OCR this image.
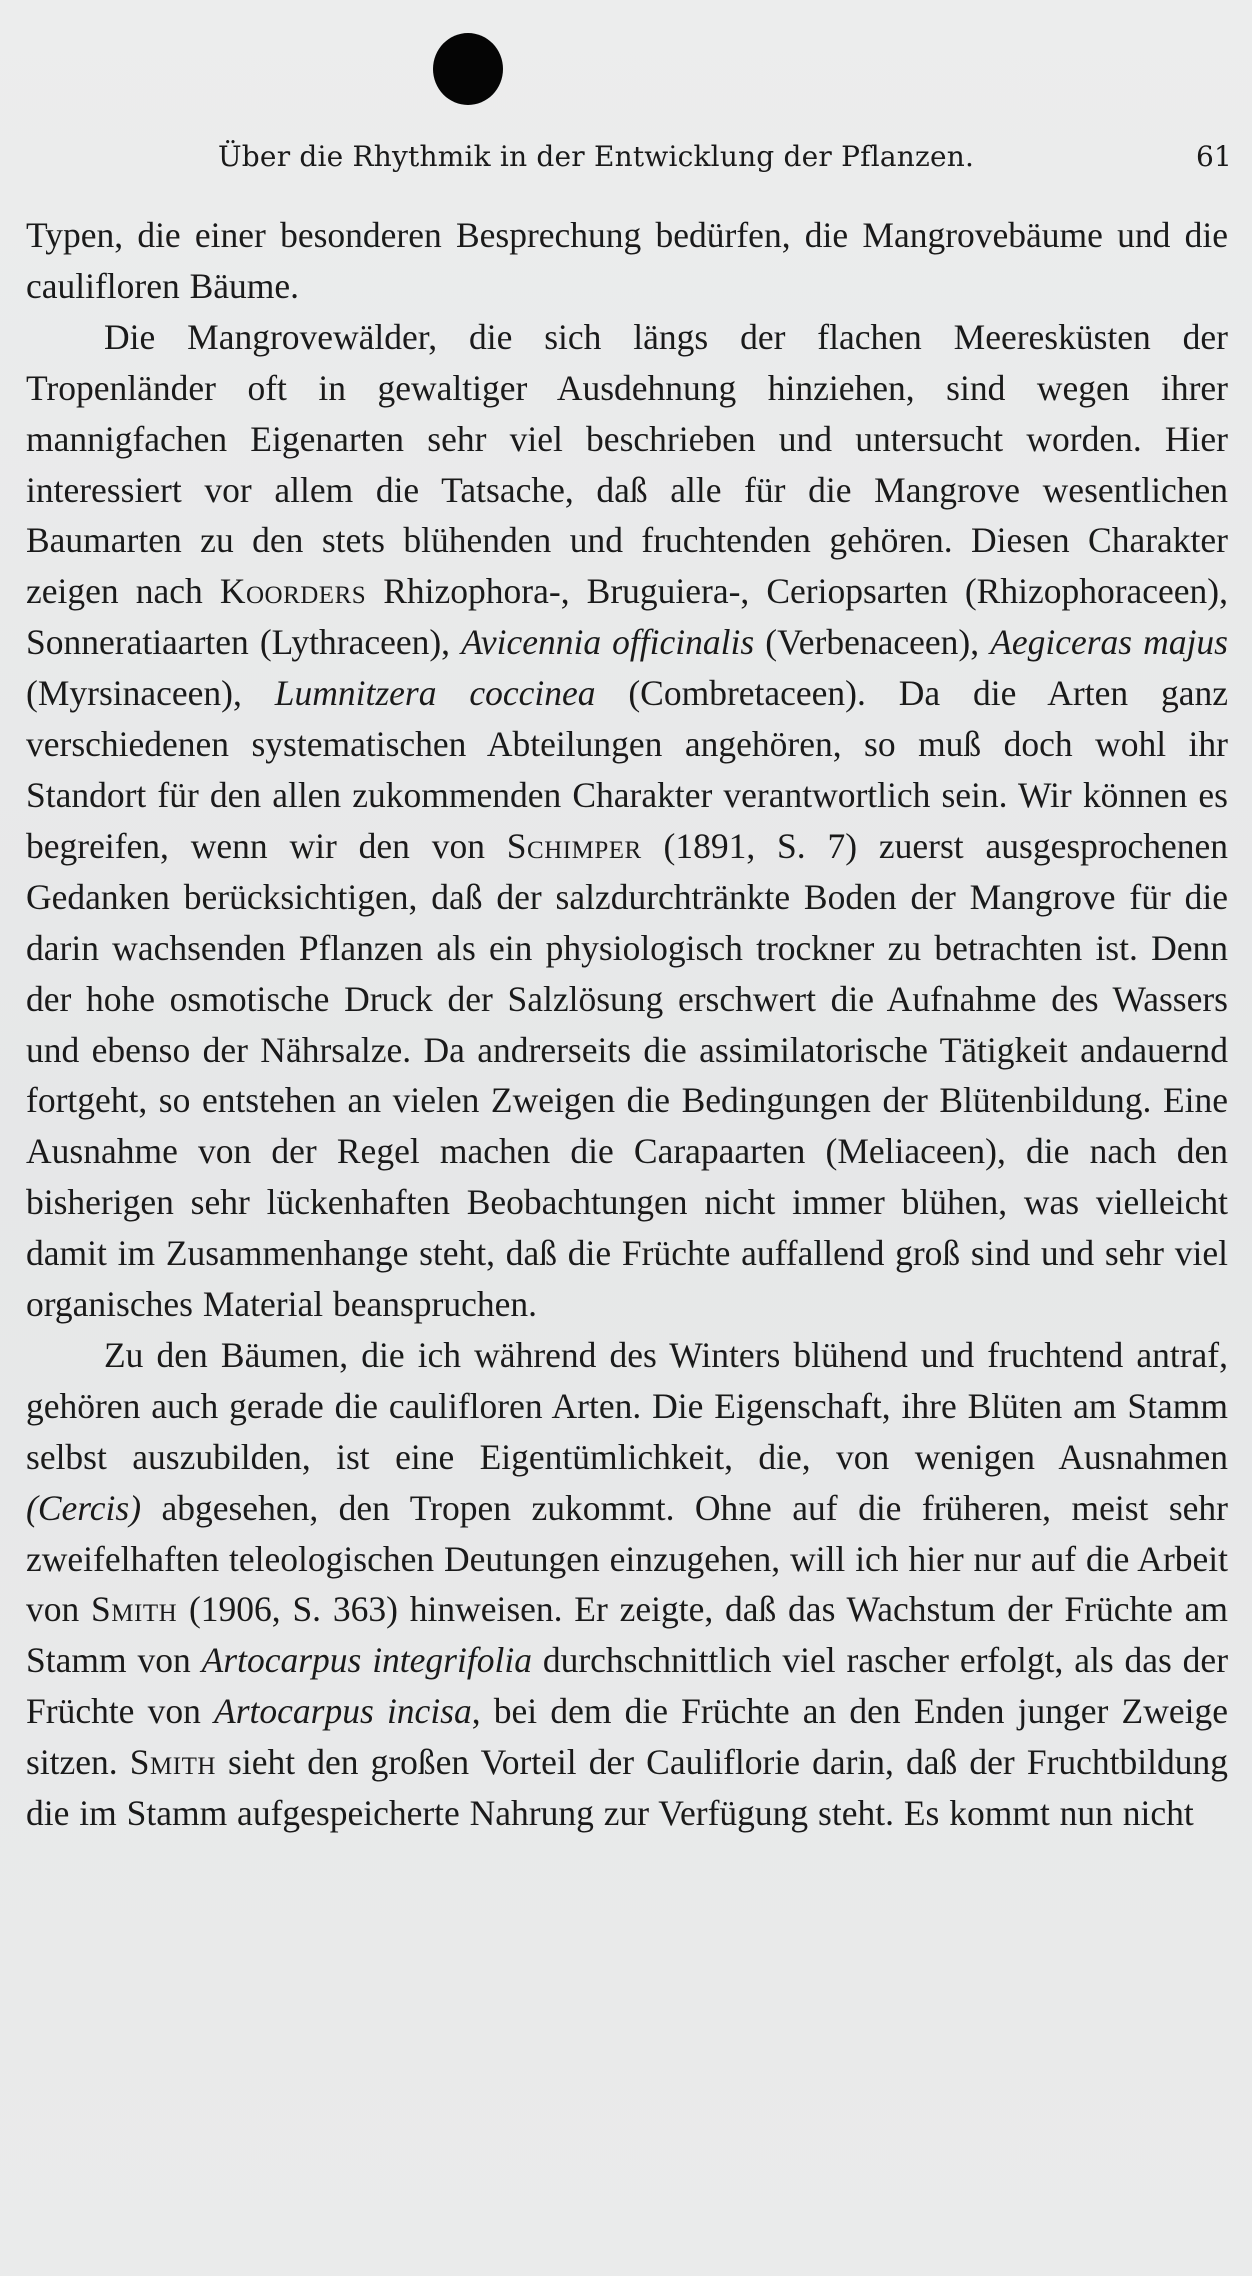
Über die Rhythmik in der Entwicklung der Pflanzen.	61

Typen, die einer besonderen Besprechung bedürfen, die Mangrovebäume und die caulifloren Bäume.

Die Mangrovewälder, die sich längs der flachen Meeresküsten der Tropenländer oft in gewaltiger Ausdehnung hinziehen, sind wegen ihrer mannigfachen Eigenarten sehr viel beschrieben und untersucht worden. Hier interessiert vor allem die Tatsache, daß alle für die Mangrove wesentlichen Baumarten zu den stets blühenden und fruchtenden gehören. Diesen Charakter zeigen nach Koorders Rhizophora-, Bruguiera-, Ceriopsarten (Rhizophoraceen), Sonneratiaarten (Lythraceen), Avicennia officinalis (Verbenaceen), Aegiceras majus (Myrsinaceen), Lumnitzera coccinea (Combretaceen). Da die Arten ganz verschiedenen systematischen Abteilungen angehören, so muß doch wohl ihr Standort für den allen zukommenden Charakter verantwortlich sein. Wir können es begreifen, wenn wir den von Schimper (1891, S. 7) zuerst ausgesprochenen Gedanken berücksichtigen, daß der salzdurchtränkte Boden der Mangrove für die darin wachsenden Pflanzen als ein physiologisch trockner zu betrachten ist. Denn der hohe osmotische Druck der Salzlösung erschwert die Aufnahme des Wassers und ebenso der Nährsalze. Da andrerseits die assimilatorische Tätigkeit andauernd fortgeht, so entstehen an vielen Zweigen die Bedingungen der Blütenbildung. Eine Ausnahme von der Regel machen die Carapaarten (Meliaceen), die nach den bisherigen sehr lückenhaften Beobachtungen nicht immer blühen, was vielleicht damit im Zusammenhange steht, daß die Früchte auffallend groß sind und sehr viel organisches Material beanspruchen.

Zu den Bäumen, die ich während des Winters blühend und fruchtend antraf, gehören auch gerade die caulifloren Arten. Die Eigenschaft, ihre Blüten am Stamm selbst auszubilden, ist eine Eigentümlichkeit, die, von wenigen Ausnahmen (Cercis) abgesehen, den Tropen zukommt. Ohne auf die früheren, meist sehr zweifelhaften teleologischen Deutungen einzugehen, will ich hier nur auf die Arbeit von Smith (1906, S. 363) hinweisen. Er zeigte, daß das Wachstum der Früchte am Stamm von Artocarpus integrifolia durchschnittlich viel rascher erfolgt, als das der Früchte von Artocarpus incisa, bei dem die Früchte an den Enden junger Zweige sitzen. Smith sieht den großen Vorteil der Cauliflorie darin, daß der Fruchtbildung die im Stamm aufgespeicherte Nahrung zur Verfügung steht. Es kommt nun nicht
